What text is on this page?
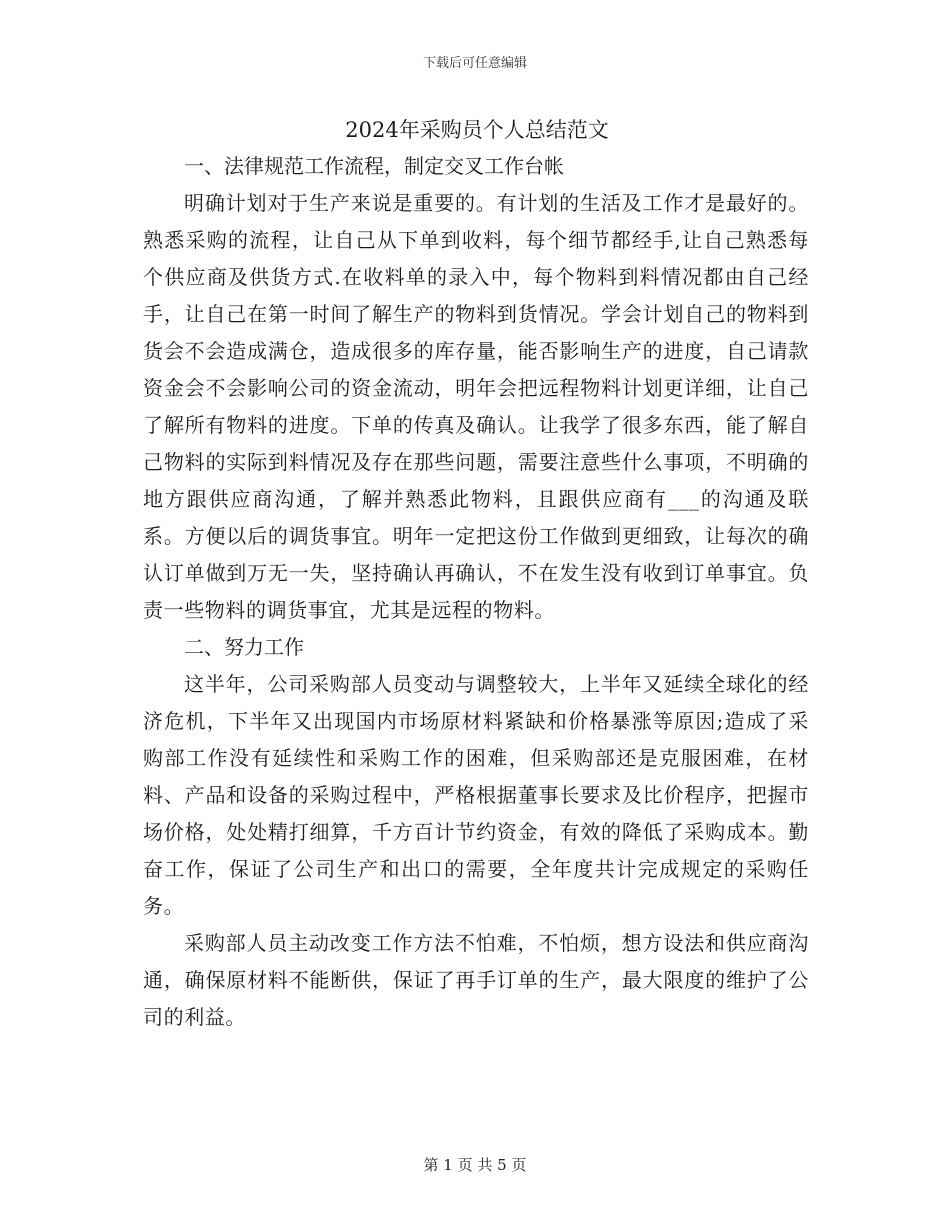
下载后可任意编辑
2024年采购员个人总结范文

一、法律规范工作流程，制定交叉工作台帐

明确计划对于生产来说是重要的。有计划的生活及工作才是最好的。熟悉采购的流程，让自己从下单到收料，每个细节都经手,让自己熟悉每个供应商及供货方式.在收料单的录入中，每个物料到料情况都由自己经手，让自己在第一时间了解生产的物料到货情况。学会计划自己的物料到货会不会造成满仓，造成很多的库存量，能否影响生产的进度，自己请款资金会不会影响公司的资金流动，明年会把远程物料计划更详细，让自己了解所有物料的进度。下单的传真及确认。让我学了很多东西，能了解自己物料的实际到料情况及存在那些问题，需要注意些什么事项，不明确的地方跟供应商沟通，了解并熟悉此物料，且跟供应商有___的沟通及联系。方便以后的调货事宜。明年一定把这份工作做到更细致，让每次的确认订单做到万无一失，坚持确认再确认，不在发生没有收到订单事宜。负责一些物料的调货事宜，尤其是远程的物料。

二、努力工作

这半年，公司采购部人员变动与调整较大，上半年又延续全球化的经济危机，下半年又出现国内市场原材料紧缺和价格暴涨等原因;造成了采购部工作没有延续性和采购工作的困难，但采购部还是克服困难，在材料、产品和设备的采购过程中，严格根据董事长要求及比价程序，把握市场价格，处处精打细算，千方百计节约资金，有效的降低了采购成本。勤奋工作，保证了公司生产和出口的需要，全年度共计完成规定的采购任务。

采购部人员主动改变工作方法不怕难，不怕烦，想方设法和供应商沟通，确保原材料不能断供，保证了再手订单的生产，最大限度的维护了公司的利益。

第 1 页 共 5 页
